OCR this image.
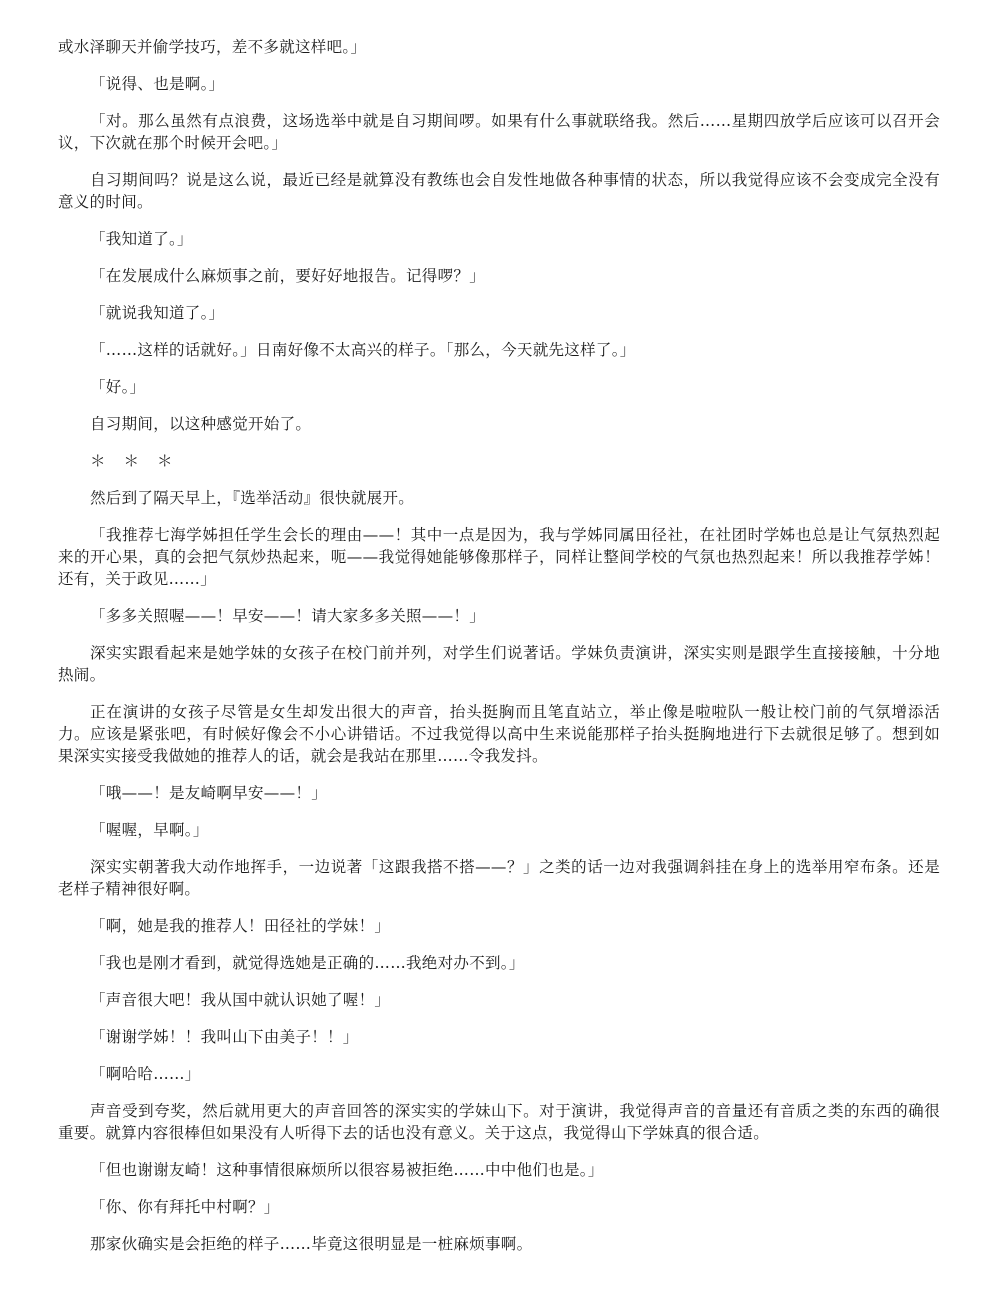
或水泽聊天并偷学技巧，差不多就这样吧。」

「说得、也是啊。」

「对。那么虽然有点浪费，这场选举中就是自习期间啰。如果有什么事就联络我。然后……星期四放学后应该可以召开会议，下次就在那个时候开会吧。」

自习期间吗？说是这么说，最近已经是就算没有教练也会自发性地做各种事情的状态，所以我觉得应该不会变成完全没有意义的时间。

「我知道了。」

「在发展成什么麻烦事之前，要好好地报告。记得啰？」

「就说我知道了。」

「……这样的话就好。」日南好像不太高兴的样子。「那么，今天就先这样了。」

「好。」

自习期间，以这种感觉开始了。

＊＊＊

然后到了隔天早上，『选举活动』很快就展开。

「我推荐七海学姊担任学生会长的理由——！其中一点是因为，我与学姊同属田径社，在社团时学姊也总是让气氛热烈起来的开心果，真的会把气氛炒热起来，呃——我觉得她能够像那样子，同样让整间学校的气氛也热烈起来！所以我推荐学姊！还有，关于政见……」

「多多关照喔——！早安——！请大家多多关照——！」

深实实跟看起来是她学妹的女孩子在校门前并列，对学生们说著话。学妹负责演讲，深实实则是跟学生直接接触，十分地热闹。

正在演讲的女孩子尽管是女生却发出很大的声音，抬头挺胸而且笔直站立，举止像是啦啦队一般让校门前的气氛增添活力。应该是紧张吧，有时候好像会不小心讲错话。不过我觉得以高中生来说能那样子抬头挺胸地进行下去就很足够了。想到如果深实实接受我做她的推荐人的话，就会是我站在那里……令我发抖。

「哦——！是友崎啊早安——！」

「喔喔，早啊。」

深实实朝著我大动作地挥手，一边说著「这跟我搭不搭——？」之类的话一边对我强调斜挂在身上的选举用窄布条。还是老样子精神很好啊。

「啊，她是我的推荐人！田径社的学妹！」

「我也是刚才看到，就觉得选她是正确的……我绝对办不到。」

「声音很大吧！我从国中就认识她了喔！」

「谢谢学姊！！我叫山下由美子！！」

「啊哈哈……」

声音受到夸奖，然后就用更大的声音回答的深实实的学妹山下。对于演讲，我觉得声音的音量还有音质之类的东西的确很重要。就算内容很棒但如果没有人听得下去的话也没有意义。关于这点，我觉得山下学妹真的很合适。

「但也谢谢友崎！这种事情很麻烦所以很容易被拒绝……中中他们也是。」

「你、你有拜托中村啊？」

那家伙确实是会拒绝的样子……毕竟这很明显是一桩麻烦事啊。
